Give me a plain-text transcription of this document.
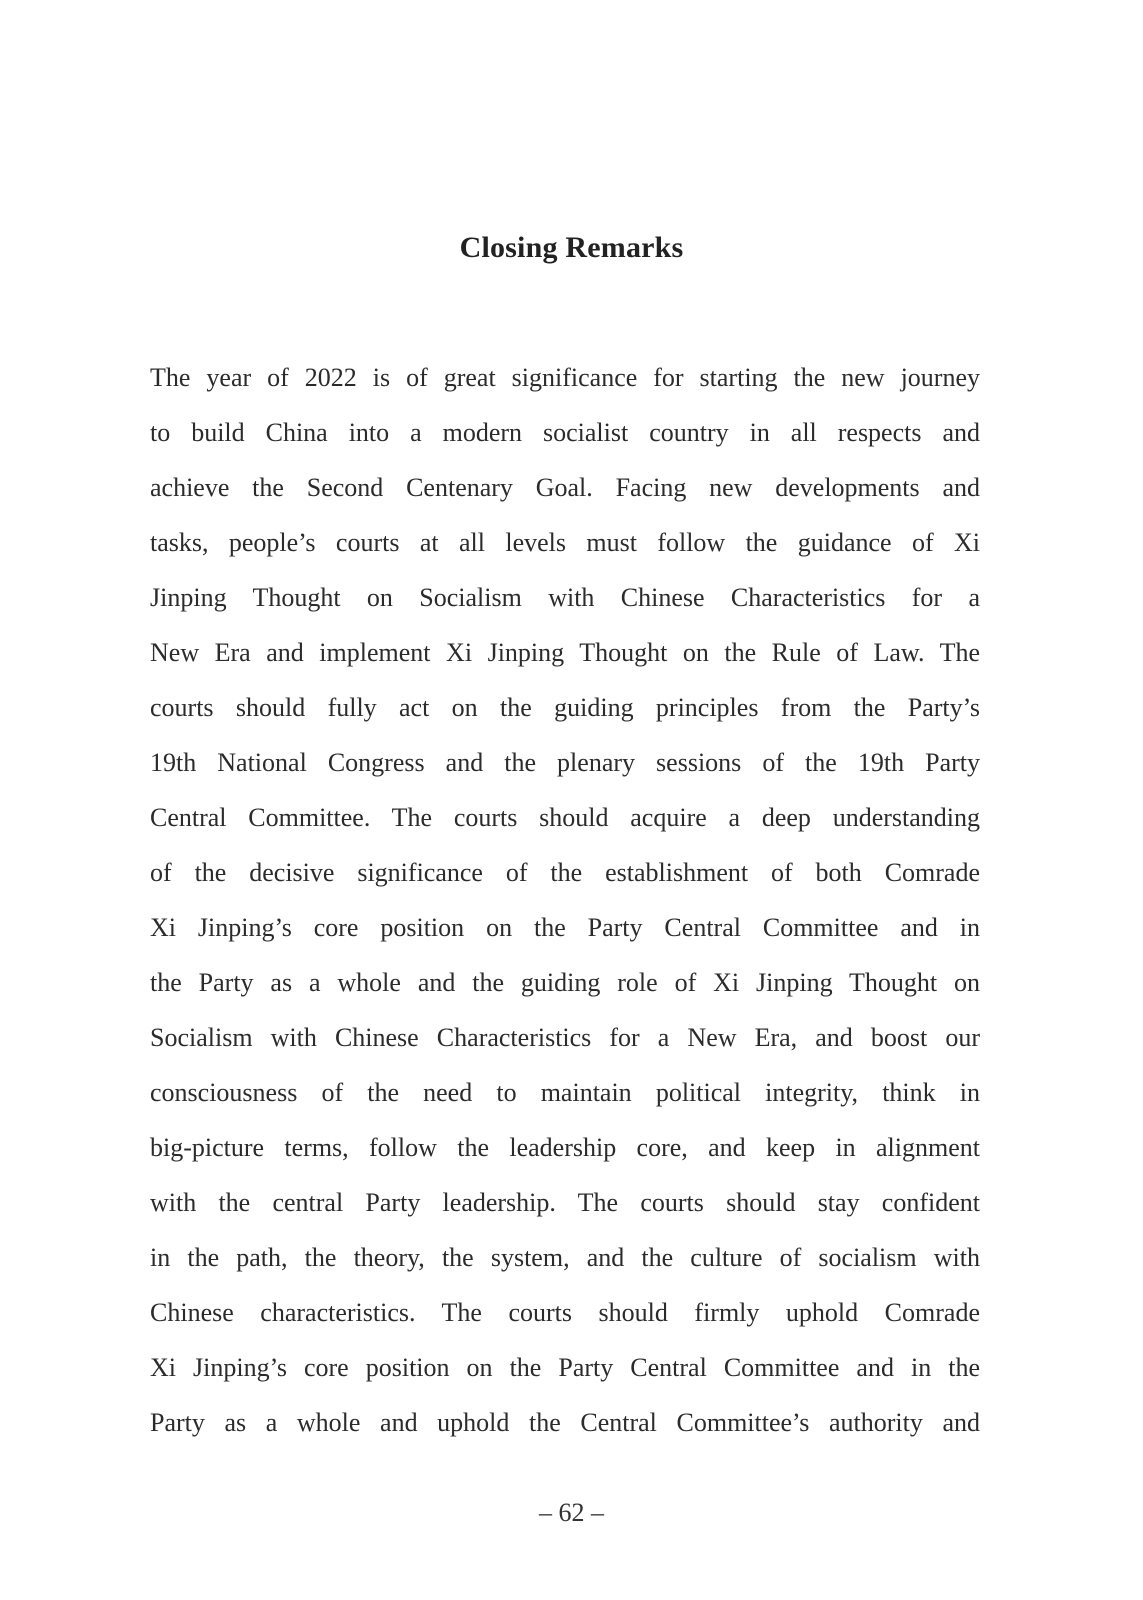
Closing Remarks
The year of 2022 is of great significance for starting the new journey
to build China into a modern socialist country in all respects and
achieve the Second Centenary Goal. Facing new developments and
tasks, people’s courts at all levels must follow the guidance of Xi
Jinping Thought on Socialism with Chinese Characteristics for a
New Era and implement Xi Jinping Thought on the Rule of Law. The
courts should fully act on the guiding principles from the Party’s
19th National Congress and the plenary sessions of the 19th Party
Central Committee. The courts should acquire a deep understanding
of the decisive significance of the establishment of both Comrade
Xi Jinping’s core position on the Party Central Committee and in
the Party as a whole and the guiding role of Xi Jinping Thought on
Socialism with Chinese Characteristics for a New Era, and boost our
consciousness of the need to maintain political integrity, think in
big-picture terms, follow the leadership core, and keep in alignment
with the central Party leadership. The courts should stay confident
in the path, the theory, the system, and the culture of socialism with
Chinese characteristics. The courts should firmly uphold Comrade
Xi Jinping’s core position on the Party Central Committee and in the
Party as a whole and uphold the Central Committee’s authority and
– 62 –
